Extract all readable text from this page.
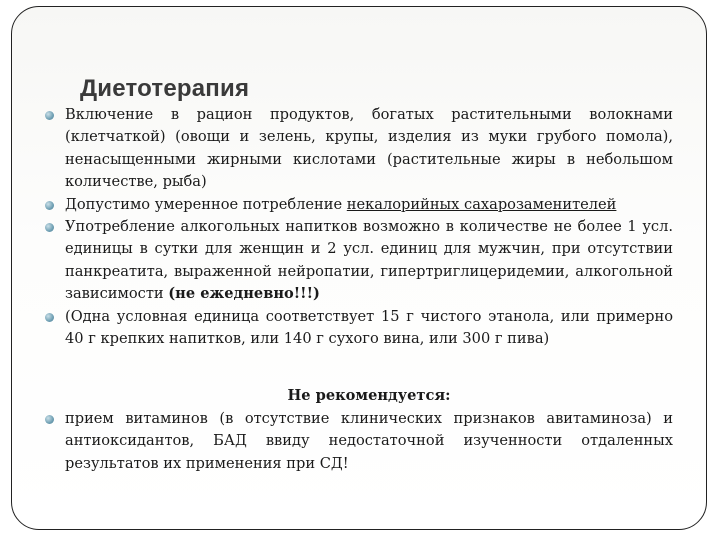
Диетотерапия
Включение в рацион продуктов, богатых растительными волокнами (клетчаткой) (овощи и зелень, крупы, изделия из муки грубого помола), ненасыщенными жирными кислотами (растительные жиры в небольшом количестве, рыба)
Допустимо умеренное потребление некалорийных сахарозаменителей
Употребление алкогольных напитков возможно в количестве не более 1 усл. единицы в сутки для женщин и 2 усл. единиц для мужчин, при отсутствии панкреатита, выраженной нейропатии, гипертриглицеридемии, алкогольной зависимости (не ежедневно!!!)
(Одна условная единица соответствует 15 г чистого этанола, или примерно 40 г крепких напитков, или 140 г сухого вина, или 300 г пива)

Не рекомендуется:

прием витаминов (в отсутствие клинических признаков авитаминоза) и антиоксидантов, БАД ввиду недостаточной изученности отдаленных результатов их применения при СД!
